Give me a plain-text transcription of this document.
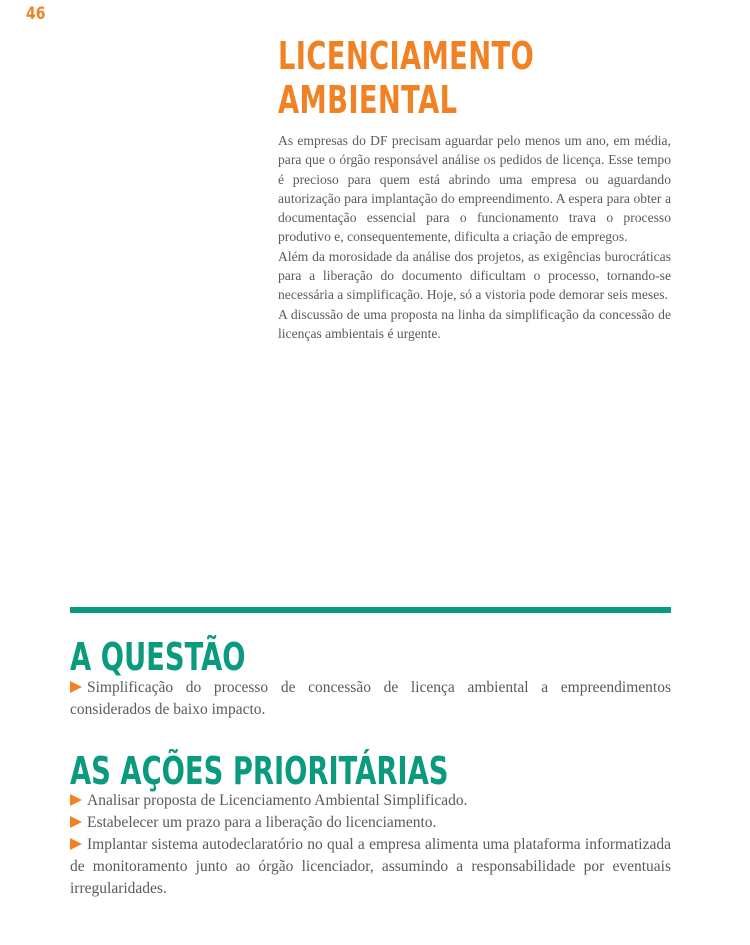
46
LICENCIAMENTO
AMBIENTAL

As empresas do DF precisam aguardar pelo menos um ano, em média, para que o órgão responsável análise os pedidos de licença. Esse tempo é precioso para quem está abrindo uma empresa ou aguardando autorização para implantação do empreendimento. A espera para obter a documentação essencial para o funcionamento trava o processo produtivo e, consequentemente, dificulta a criação de empregos.

Além da morosidade da análise dos projetos, as exigências burocráticas para a liberação do documento dificultam o processo, tornando-se necessária a simplificação. Hoje, só a vistoria pode demorar seis meses.

A discussão de uma proposta na linha da simplificação da concessão de licenças ambientais é urgente.

A QUESTÃO

Simplificação do processo de concessão de licença ambiental a empreendimentos considerados de baixo impacto.

AS AÇÕES PRIORITÁRIAS

Analisar proposta de Licenciamento Ambiental Simplificado.

Estabelecer um prazo para a liberação do licenciamento.

Implantar sistema autodeclaratório no qual a empresa alimenta uma plataforma informatizada de monitoramento junto ao órgão licenciador, assumindo a responsabilidade por eventuais irregularidades.
